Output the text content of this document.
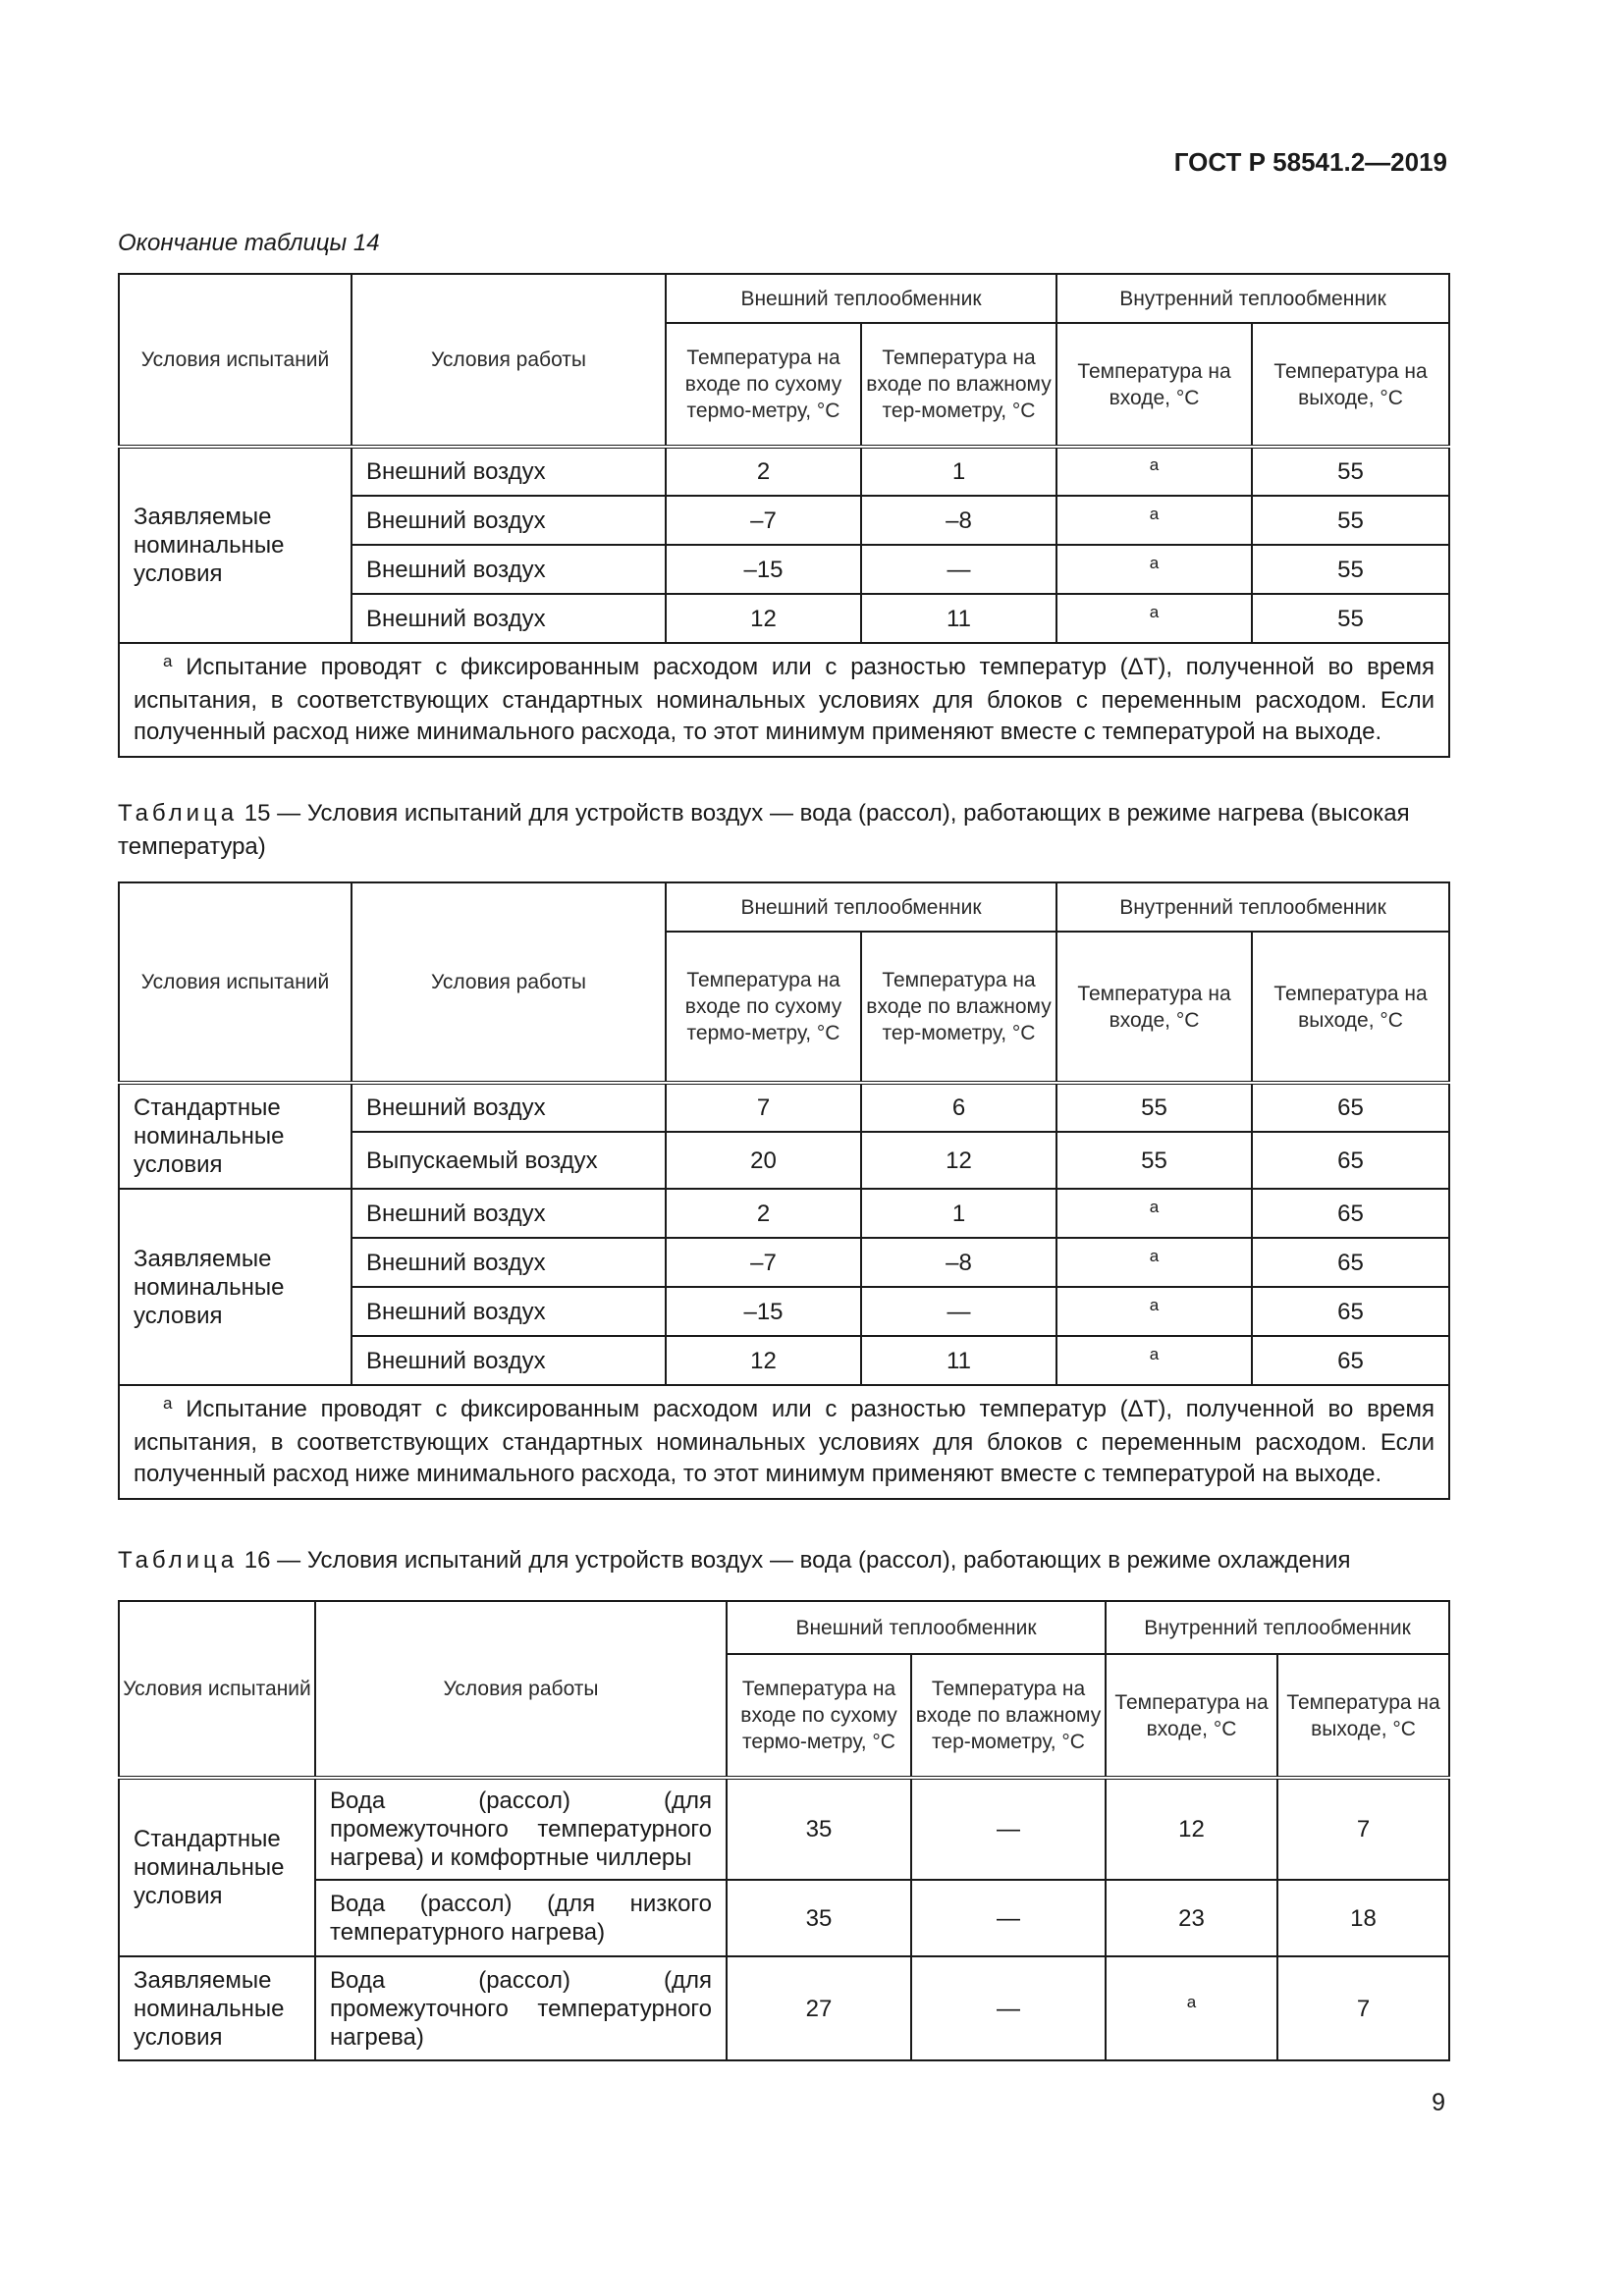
ГОСТ Р 58541.2—2019
Окончание таблицы 14
Условия испытаний	Условия работы	Внешний теплообменник		Внутренний теплообменник	
		Температура на входе по сухому термо-метру, °С	Температура на входе по влажному тер-мометру, °С	Температура на входе, °С	Температура на выходе, °С
Заявляемые номинальные условия	Внешний воздух	2	1	а	55
	Внешний воздух	–7	–8	а	55
	Внешний воздух	–15	—	а	55
	Внешний воздух	12	11	а	55
$^а$ Испытание проводят с фиксированным расходом или с разностью температур (ΔT), полученной во время испытания, в соответствующих стандартных номинальных условиях для блоков с переменным расходом. Если полученный расход ниже минимального расхода, то этот минимум применяют вместе с температурой на выходе.					
Таблица 15 — Условия испытаний для устройств воздух — вода (рассол), работающих в режиме нагрева (высокая температура)
Условия испытаний	Условия работы	Внешний теплообменник		Внутренний теплообменник	
		Температура на входе по сухому термо-метру, °С	Температура на входе по влажному тер-мометру, °С	Температура на входе, °С	Температура на выходе, °С
Стандартные номинальные условия	Внешний воздух	7	6	55	65
	Выпускаемый воздух	20	12	55	65
Заявляемые номинальные условия	Внешний воздух	2	1	а	65
	Внешний воздух	–7	–8	а	65
	Внешний воздух	–15	—	а	65
	Внешний воздух	12	11	а	65
$^а$ Испытание проводят с фиксированным расходом или с разностью температур (ΔT), полученной во время испытания, в соответствующих стандартных номинальных условиях для блоков с переменным расходом. Если полученный расход ниже минимального расхода, то этот минимум применяют вместе с температурой на выходе.					
Таблица 16 — Условия испытаний для устройств воздух — вода (рассол), работающих в режиме охлаждения
Условия испытаний	Условия работы	Внешний теплообменник		Внутренний теплообменник	
		Температура на входе по сухому термо-метру, °С	Температура на входе по влажному тер-мометру, °С	Температура на входе, °С	Температура на выходе, °С
Стандартные номинальные условия	Вода (рассол) (для промежуточного температурного нагрева) и комфортные чиллеры	35	—	12	7
	Вода (рассол) (для низкого температурного нагрева)	35	—	23	18
Заявляемые номинальные условия	Вода (рассол) (для промежуточного температурного нагрева)	27	—	а	7
9
